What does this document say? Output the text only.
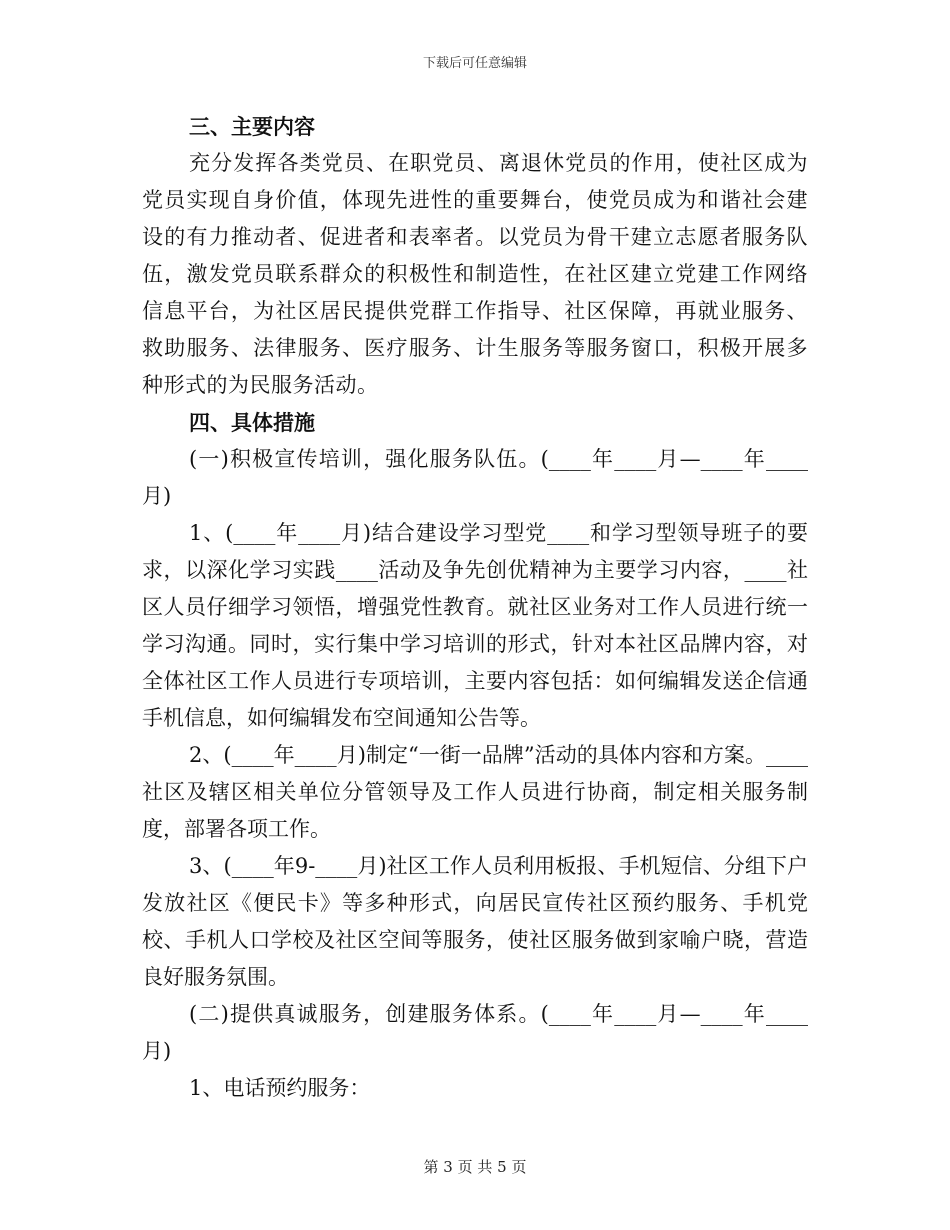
下载后可任意编辑

三、主要内容

充分发挥各类党员、在职党员、离退休党员的作用，使社区成为党员实现自身价值，体现先进性的重要舞台，使党员成为和谐社会建设的有力推动者、促进者和表率者。以党员为骨干建立志愿者服务队伍，激发党员联系群众的积极性和制造性，在社区建立党建工作网络信息平台，为社区居民提供党群工作指导、社区保障，再就业服务、救助服务、法律服务、医疗服务、计生服务等服务窗口，积极开展多种形式的为民服务活动。

四、具体措施

(一)积极宣传培训，强化服务队伍。(____年____月—____年____月)

1、(____年____月)结合建设学习型党____和学习型领导班子的要求，以深化学习实践____活动及争先创优精神为主要学习内容，____社区人员仔细学习领悟，增强党性教育。就社区业务对工作人员进行统一学习沟通。同时，实行集中学习培训的形式，针对本社区品牌内容，对全体社区工作人员进行专项培训，主要内容包括：如何编辑发送企信通手机信息，如何编辑发布空间通知公告等。

2、(____年____月)制定“一街一品牌”活动的具体内容和方案。____社区及辖区相关单位分管领导及工作人员进行协商，制定相关服务制度，部署各项工作。

3、(____年9-____月)社区工作人员利用板报、手机短信、分组下户发放社区《便民卡》等多种形式，向居民宣传社区预约服务、手机党校、手机人口学校及社区空间等服务，使社区服务做到家喻户晓，营造良好服务氛围。

(二)提供真诚服务，创建服务体系。(____年____月—____年____月)

1、电话预约服务：

第 3 页 共 5 页
